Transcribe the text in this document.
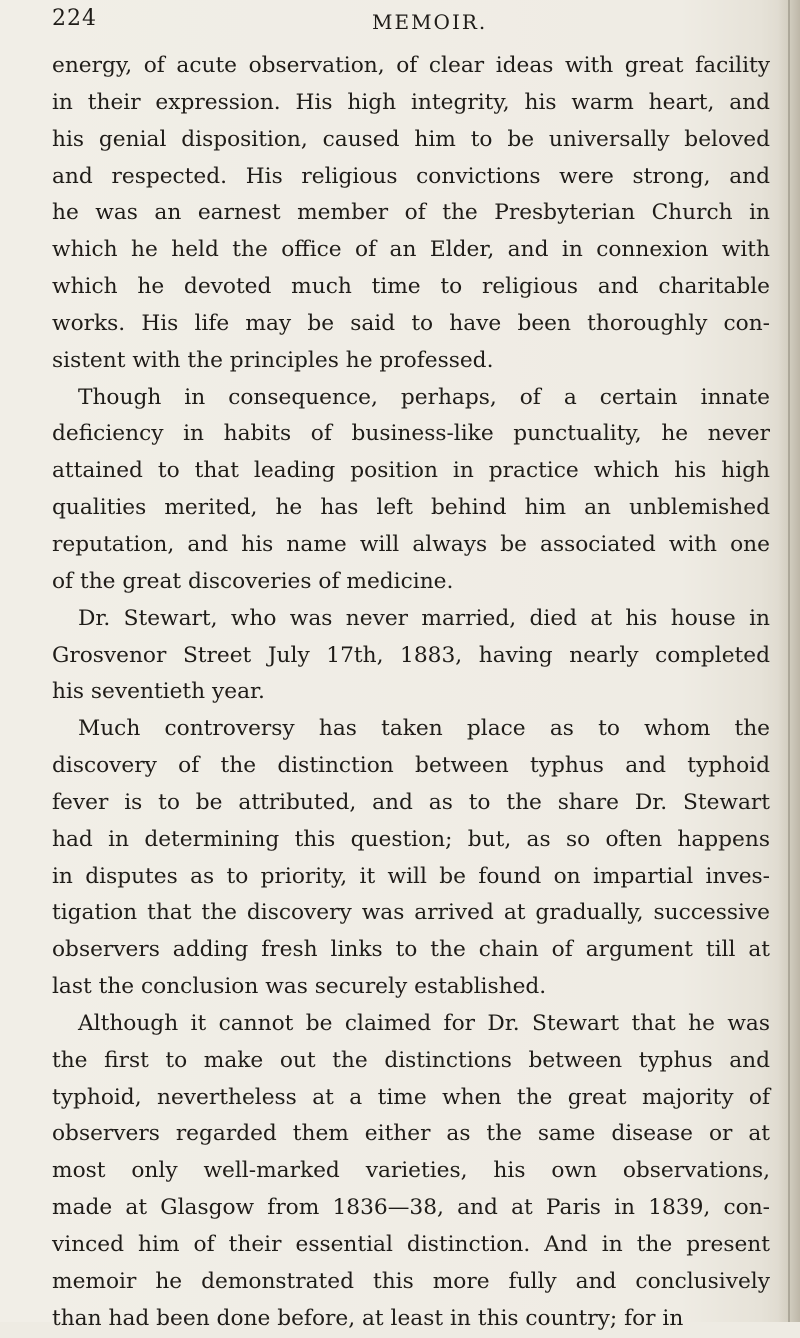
224	MEMOIR.
energy, of acute observation, of clear ideas with great facility
in their expression. His high integrity, his warm heart, and
his genial disposition, caused him to be universally beloved
and respected. His religious convictions were strong, and
he was an earnest member of the Presbyterian Church in
which he held the office of an Elder, and in connexion with
which he devoted much time to religious and charitable
works. His life may be said to have been thoroughly con-
sistent with the principles he professed.
Though in consequence, perhaps, of a certain innate
deficiency in habits of business-like punctuality, he never
attained to that leading position in practice which his high
qualities merited, he has left behind him an unblemished
reputation, and his name will always be associated with one
of the great discoveries of medicine.
Dr. Stewart, who was never married, died at his house in
Grosvenor Street July 17th, 1883, having nearly completed
his seventieth year.
Much controversy has taken place as to whom the
discovery of the distinction between typhus and typhoid
fever is to be attributed, and as to the share Dr. Stewart
had in determining this question; but, as so often happens
in disputes as to priority, it will be found on impartial inves-
tigation that the discovery was arrived at gradually, successive
observers adding fresh links to the chain of argument till at
last the conclusion was securely established.
Although it cannot be claimed for Dr. Stewart that he was
the first to make out the distinctions between typhus and
typhoid, nevertheless at a time when the great majority of
observers regarded them either as the same disease or at
most only well-marked varieties, his own observations,
made at Glasgow from 1836—38, and at Paris in 1839, con-
vinced him of their essential distinction. And in the present
memoir he demonstrated this more fully and conclusively
than had been done before, at least in this country; for in
